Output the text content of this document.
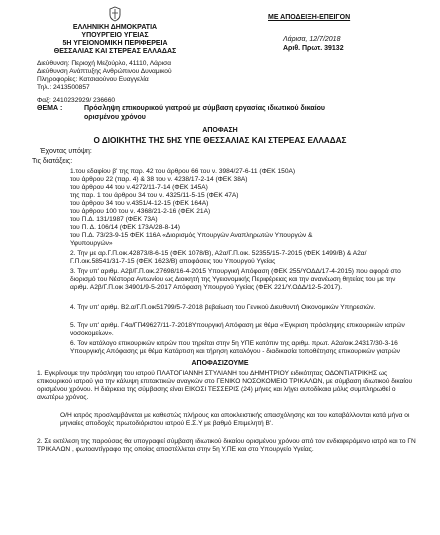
ΕΛΛΗΝΙΚΗ ΔΗΜΟΚΡΑΤΙΑ
ΥΠΟΥΡΓΕΙΟ ΥΓΕΙΑΣ
5Η ΥΓΕΙΟΝΟΜΙΚΗ ΠΕΡΙΦΕΡΕΙΑ
ΘΕΣΣΑΛΙΑΣ ΚΑΙ ΣΤΕΡΕΑΣ ΕΛΛΑΔΑΣ
ΜΕ ΑΠΟΔΕΙΞΗ-ΕΠΕΙΓΟΝ
Λάρισα, 12/7/2018
Αριθ. Πρωτ. 39132
Διεύθυνση: Περιοχή Μεζούρλο, 41110, Λάρισα
Διεύθυνση Ανάπτυξης Ανθρώπινου Δυναμικού
Πληροφορίες: Κατσιαούνου Ευαγγελία
Τηλ.: 2413500857
Φαξ: 2410232929/ 236660
ΘΕΜΑ :	Πρόσληψη επικουρικού γιατρού με σύμβαση εργασίας ιδιωτικού δικαίου
ορισμένου χρόνου
ΑΠΟΦΑΣΗ
Ο ΔΙΟΙΚΗΤΗΣ ΤΗΣ 5ΗΣ ΥΠΕ ΘΕΣΣΑΛΙΑΣ ΚΑΙ ΣΤΕΡΕΑΣ ΕΛΛΑΔΑΣ
Έχοντας υπόψη:
Τις διατάξεις:
1.του εδαφίου β' της παρ. 42 του άρθρου 66 του ν. 3984/27-6-11 (ΦΕΚ 150Α)
του άρθρου 22 (παρ. 4) & 38 του ν. 4238/17-2-14 (ΦΕΚ 38Α)
του άρθρου 44 του ν.4272/11-7-14 (ΦΕΚ 145Α)
της παρ. 1 του άρθρου 34 του ν. 4325/11-5-15 (ΦΕΚ 47Α)
του άρθρου 34 του ν.4351/4-12-15 (ΦΕΚ 164Α)
του άρθρου 100 του ν. 4368/21-2-16 (ΦΕΚ 21Α)
του Π.Δ. 131/1987 (ΦΕΚ 73Α)
του Π. Δ. 106/14 (ΦΕΚ 173Α/28-8-14)
του Π.Δ. 73/23-9-15 ΦΕΚ 116Α «Διορισμός Υπουργών Αναπληρωτών Υπουργών &
Υφυπουργών»
2. Την με αρ.Γ.Π.οικ.42873/8-6-15 (ΦΕΚ 1078/Β), Α2α/Γ.Π.οικ. 52355/15-7-2015 (ΦΕΚ 1499/Β) & Α2α/Γ.Π.οικ.58541/31-7-15 (ΦΕΚ 1623/Β) αποφάσεις του Υπουργού Υγείας
3. Την υπ' αριθμ. Α2β/Γ.Π.οικ.27698/16-4-2015 Υπουργική Απόφαση (ΦΕΚ 255/ΥΟΔΔ/17-4-2015) που αφορά στο διορισμό του Νέστορα Αντωνίου ως Διοικητή της Υγειονομικής Περιφέρειας και την ανανέωση θητείας του με την αριθμ. Α2β/Γ.Π.οικ 34901/9-5-2017 Απόφαση Υπουργού Υγείας (ΦΕΚ 221/Υ.ΟΔΔ/12-5-2017).
4. Την υπ' αριθμ. Β2.α/Γ.Π.οικ51799/5-7-2018 βεβαίωση του Γενικού Διευθυντή Οικονομικών Υπηρεσιών.
5. Την υπ' αριθμ. Γ4α/ΓΠ49627/11-7-2018Υπουργική Απόφαση με θέμα «Έγκριση πρόσληψης επικουρικών ιατρών νοσοκομείων».
6. Τον κατάλογο επικουρικών ιατρών που τηρείται στην 5η ΥΠΕ κατόπιν της αριθμ. πρωτ. Α2α/οικ.24317/30-3-16 Υπουργικής Απόφασης με θέμα Κατάρτιση και τήρηση καταλόγου - διαδικασία τοποθέτησης επικουρικών γιατρών
ΑΠΟΦΑΣΙΖΟΥΜΕ
1. Εγκρίνουμε την πρόσληψη του ιατρού ΠΛΑΤΟΓΙΑΝΝΗ ΣΤΥΛΙΑΝΗ του ΔΗΜΗΤΡΙΟΥ ειδικότητας ΟΔΟΝΤΙΑΤΡΙΚΗΣ ως επικουρικού ιατρού για την κάλυψη επιτακτικών αναγκών στο ΓΕΝΙΚΟ ΝΟΣΟΚΟΜΕΙΟ ΤΡΙΚΑΛΩΝ, με σύμβαση ιδιωτικού δικαίου ορισμένου χρόνου. Η διάρκεια της σύμβασης είναι ΕΙΚΟΣΙ ΤΕΣΣΕΡΙΣ (24) μήνες και λήγει αυτοδίκαια μόλις συμπληρωθεί ο ανωτέρω χρόνος.
Ο/Η ιατρός προσλαμβάνεται με καθεστώς πλήρους και αποκλειστικής απασχόλησης και του καταβάλλονται κατά μήνα οι μηνιαίες αποδοχές πρωτοδιόριστου ιατρού Ε.Σ.Υ με βαθμό Επιμελητή Β'.
2. Σε εκτέλεση της παρούσας θα υπογραφεί σύμβαση ιδιωτικού δικαίου ορισμένου χρόνου από τον ενδιαφερόμενο ιατρό και το ΓΝ ΤΡΙΚΑΛΩΝ , φωτοαντίγραφο της οποίας αποστέλλεται στην 5η Υ.ΠΕ και στο Υπουργείο Υγείας.
